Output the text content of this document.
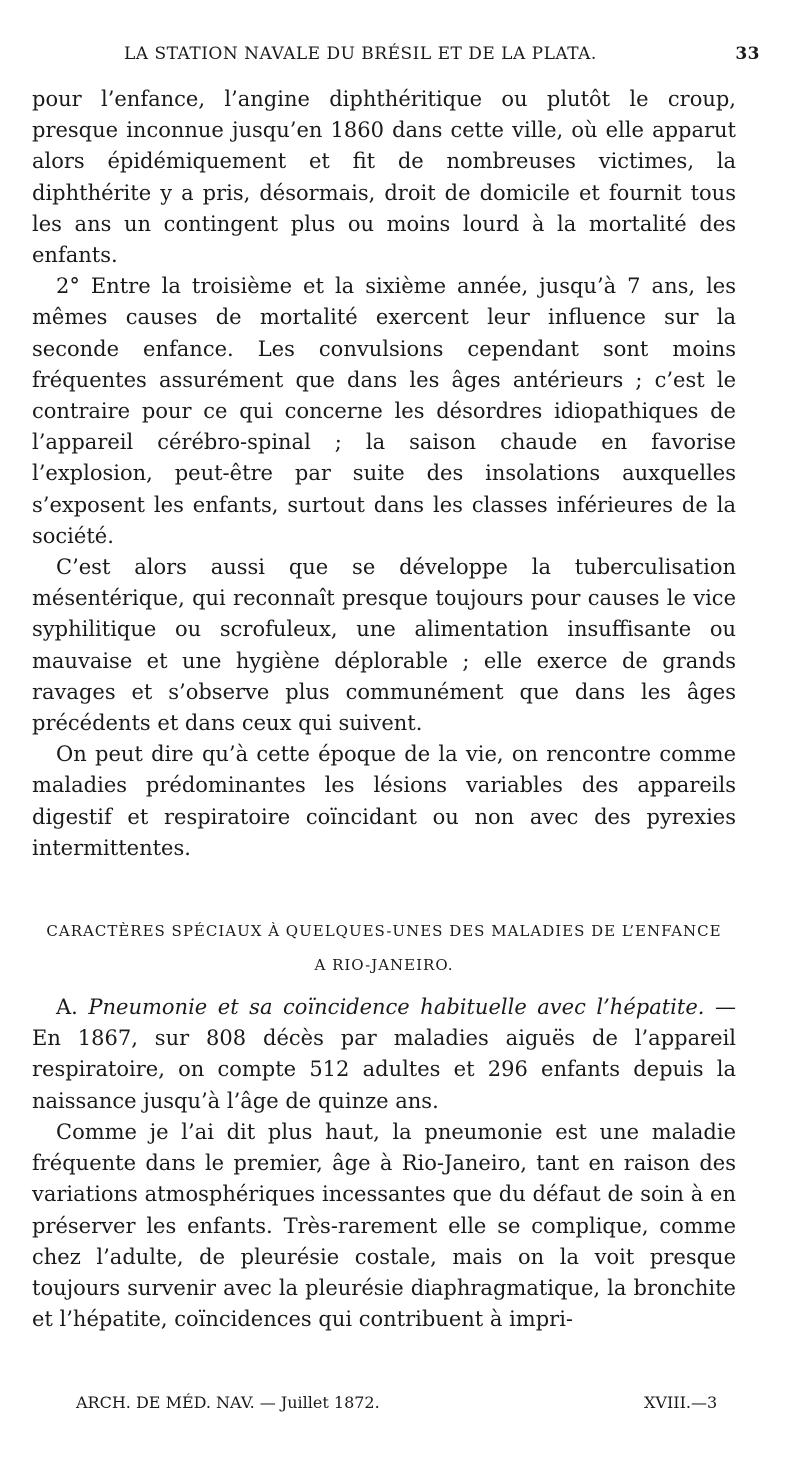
LA STATION NAVALE DU BRÉSIL ET DE LA PLATA.	33

pour l’enfance, l’angine diphthéritique ou plutôt le croup, presque inconnue jusqu’en 1860 dans cette ville, où elle apparut alors épidémiquement et fit de nombreuses victimes, la diphthérite y a pris, désormais, droit de domicile et fournit tous les ans un contingent plus ou moins lourd à la mortalité des enfants.

2° Entre la troisième et la sixième année, jusqu’à 7 ans, les mêmes causes de mortalité exercent leur influence sur la seconde enfance. Les convulsions cependant sont moins fréquentes assurément que dans les âges antérieurs ; c’est le contraire pour ce qui concerne les désordres idiopathiques de l’appareil cérébro-spinal ; la saison chaude en favorise l’explosion, peut-être par suite des insolations auxquelles s’exposent les enfants, surtout dans les classes inférieures de la société.

C’est alors aussi que se développe la tuberculisation mésentérique, qui reconnaît presque toujours pour causes le vice syphilitique ou scrofuleux, une alimentation insuffisante ou mauvaise et une hygiène déplorable ; elle exerce de grands ravages et s’observe plus communément que dans les âges précédents et dans ceux qui suivent.

On peut dire qu’à cette époque de la vie, on rencontre comme maladies prédominantes les lésions variables des appareils digestif et respiratoire coïncidant ou non avec des pyrexies intermittentes.

CARACTÈRES SPÉCIAUX À QUELQUES-UNES DES MALADIES DE L’ENFANCE
A RIO-JANEIRO.

A. Pneumonie et sa coïncidence habituelle avec l’hépatite. — En 1867, sur 808 décès par maladies aiguës de l’appareil respiratoire, on compte 512 adultes et 296 enfants depuis la naissance jusqu’à l’âge de quinze ans.

Comme je l’ai dit plus haut, la pneumonie est une maladie fréquente dans le premier, âge à Rio-Janeiro, tant en raison des variations atmosphériques incessantes que du défaut de soin à en préserver les enfants. Très-rarement elle se complique, comme chez l’adulte, de pleurésie costale, mais on la voit presque toujours survenir avec la pleurésie diaphragmatique, la bronchite et l’hépatite, coïncidences qui contribuent à impri-

ARCH. DE MÉD. NAV. — Juillet 1872.	XVIII.—3
